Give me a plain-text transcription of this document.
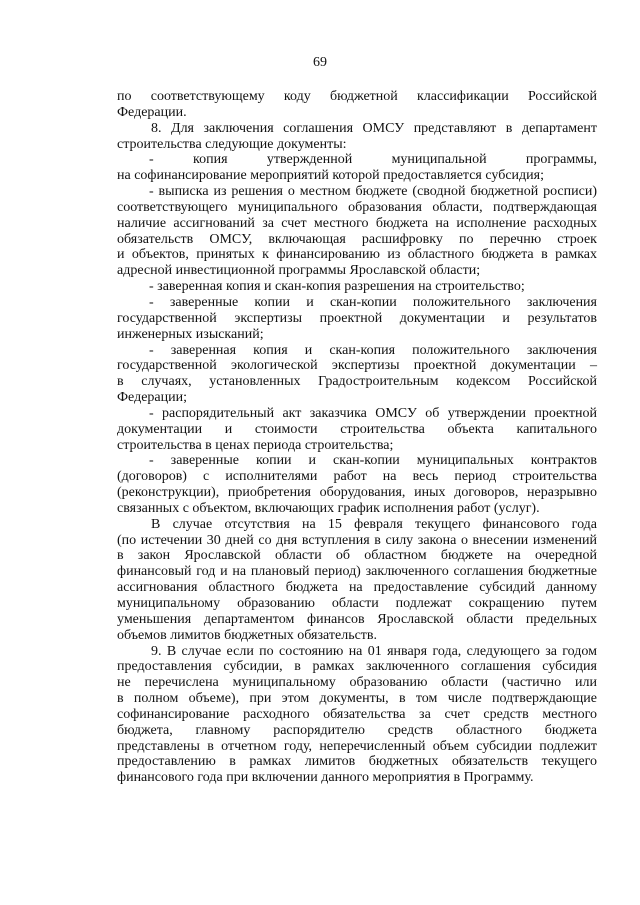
69
по соответствующему коду бюджетной классификации Российской
Федерации.
8. Для заключения соглашения ОМСУ представляют в департамент
строительства следующие документы:
- копия утвержденной муниципальной программы,
на софинансирование мероприятий которой предоставляется субсидия;
- выписка из решения о местном бюджете (сводной бюджетной росписи)
соответствующего муниципального образования области, подтверждающая
наличие ассигнований за счет местного бюджета на исполнение расходных
обязательств ОМСУ, включающая расшифровку по перечню строек
и объектов, принятых к финансированию из областного бюджета в рамках
адресной инвестиционной программы Ярославской области;
- заверенная копия и скан-копия разрешения на строительство;
- заверенные копии и скан-копии положительного заключения
государственной экспертизы проектной документации и результатов
инженерных изысканий;
- заверенная копия и скан-копия положительного заключения
государственной экологической экспертизы проектной документации –
в случаях, установленных Градостроительным кодексом Российской
Федерации;
- распорядительный акт заказчика ОМСУ об утверждении проектной
документации и стоимости строительства объекта капитального
строительства в ценах периода строительства;
- заверенные копии и скан-копии муниципальных контрактов
(договоров) с исполнителями работ на весь период строительства
(реконструкции), приобретения оборудования, иных договоров, неразрывно
связанных с объектом, включающих график исполнения работ (услуг).
В случае отсутствия на 15 февраля текущего финансового года
(по истечении 30 дней со дня вступления в силу закона о внесении изменений
в закон Ярославской области об областном бюджете на очередной
финансовый год и на плановый период) заключенного соглашения бюджетные
ассигнования областного бюджета на предоставление субсидий данному
муниципальному образованию области подлежат сокращению путем
уменьшения департаментом финансов Ярославской области предельных
объемов лимитов бюджетных обязательств.
9. В случае если по состоянию на 01 января года, следующего за годом
предоставления субсидии, в рамках заключенного соглашения субсидия
не перечислена муниципальному образованию области (частично или
в полном объеме), при этом документы, в том числе подтверждающие
софинансирование расходного обязательства за счет средств местного
бюджета, главному распорядителю средств областного бюджета
представлены в отчетном году, неперечисленный объем субсидии подлежит
предоставлению в рамках лимитов бюджетных обязательств текущего
финансового года при включении данного мероприятия в Программу.
